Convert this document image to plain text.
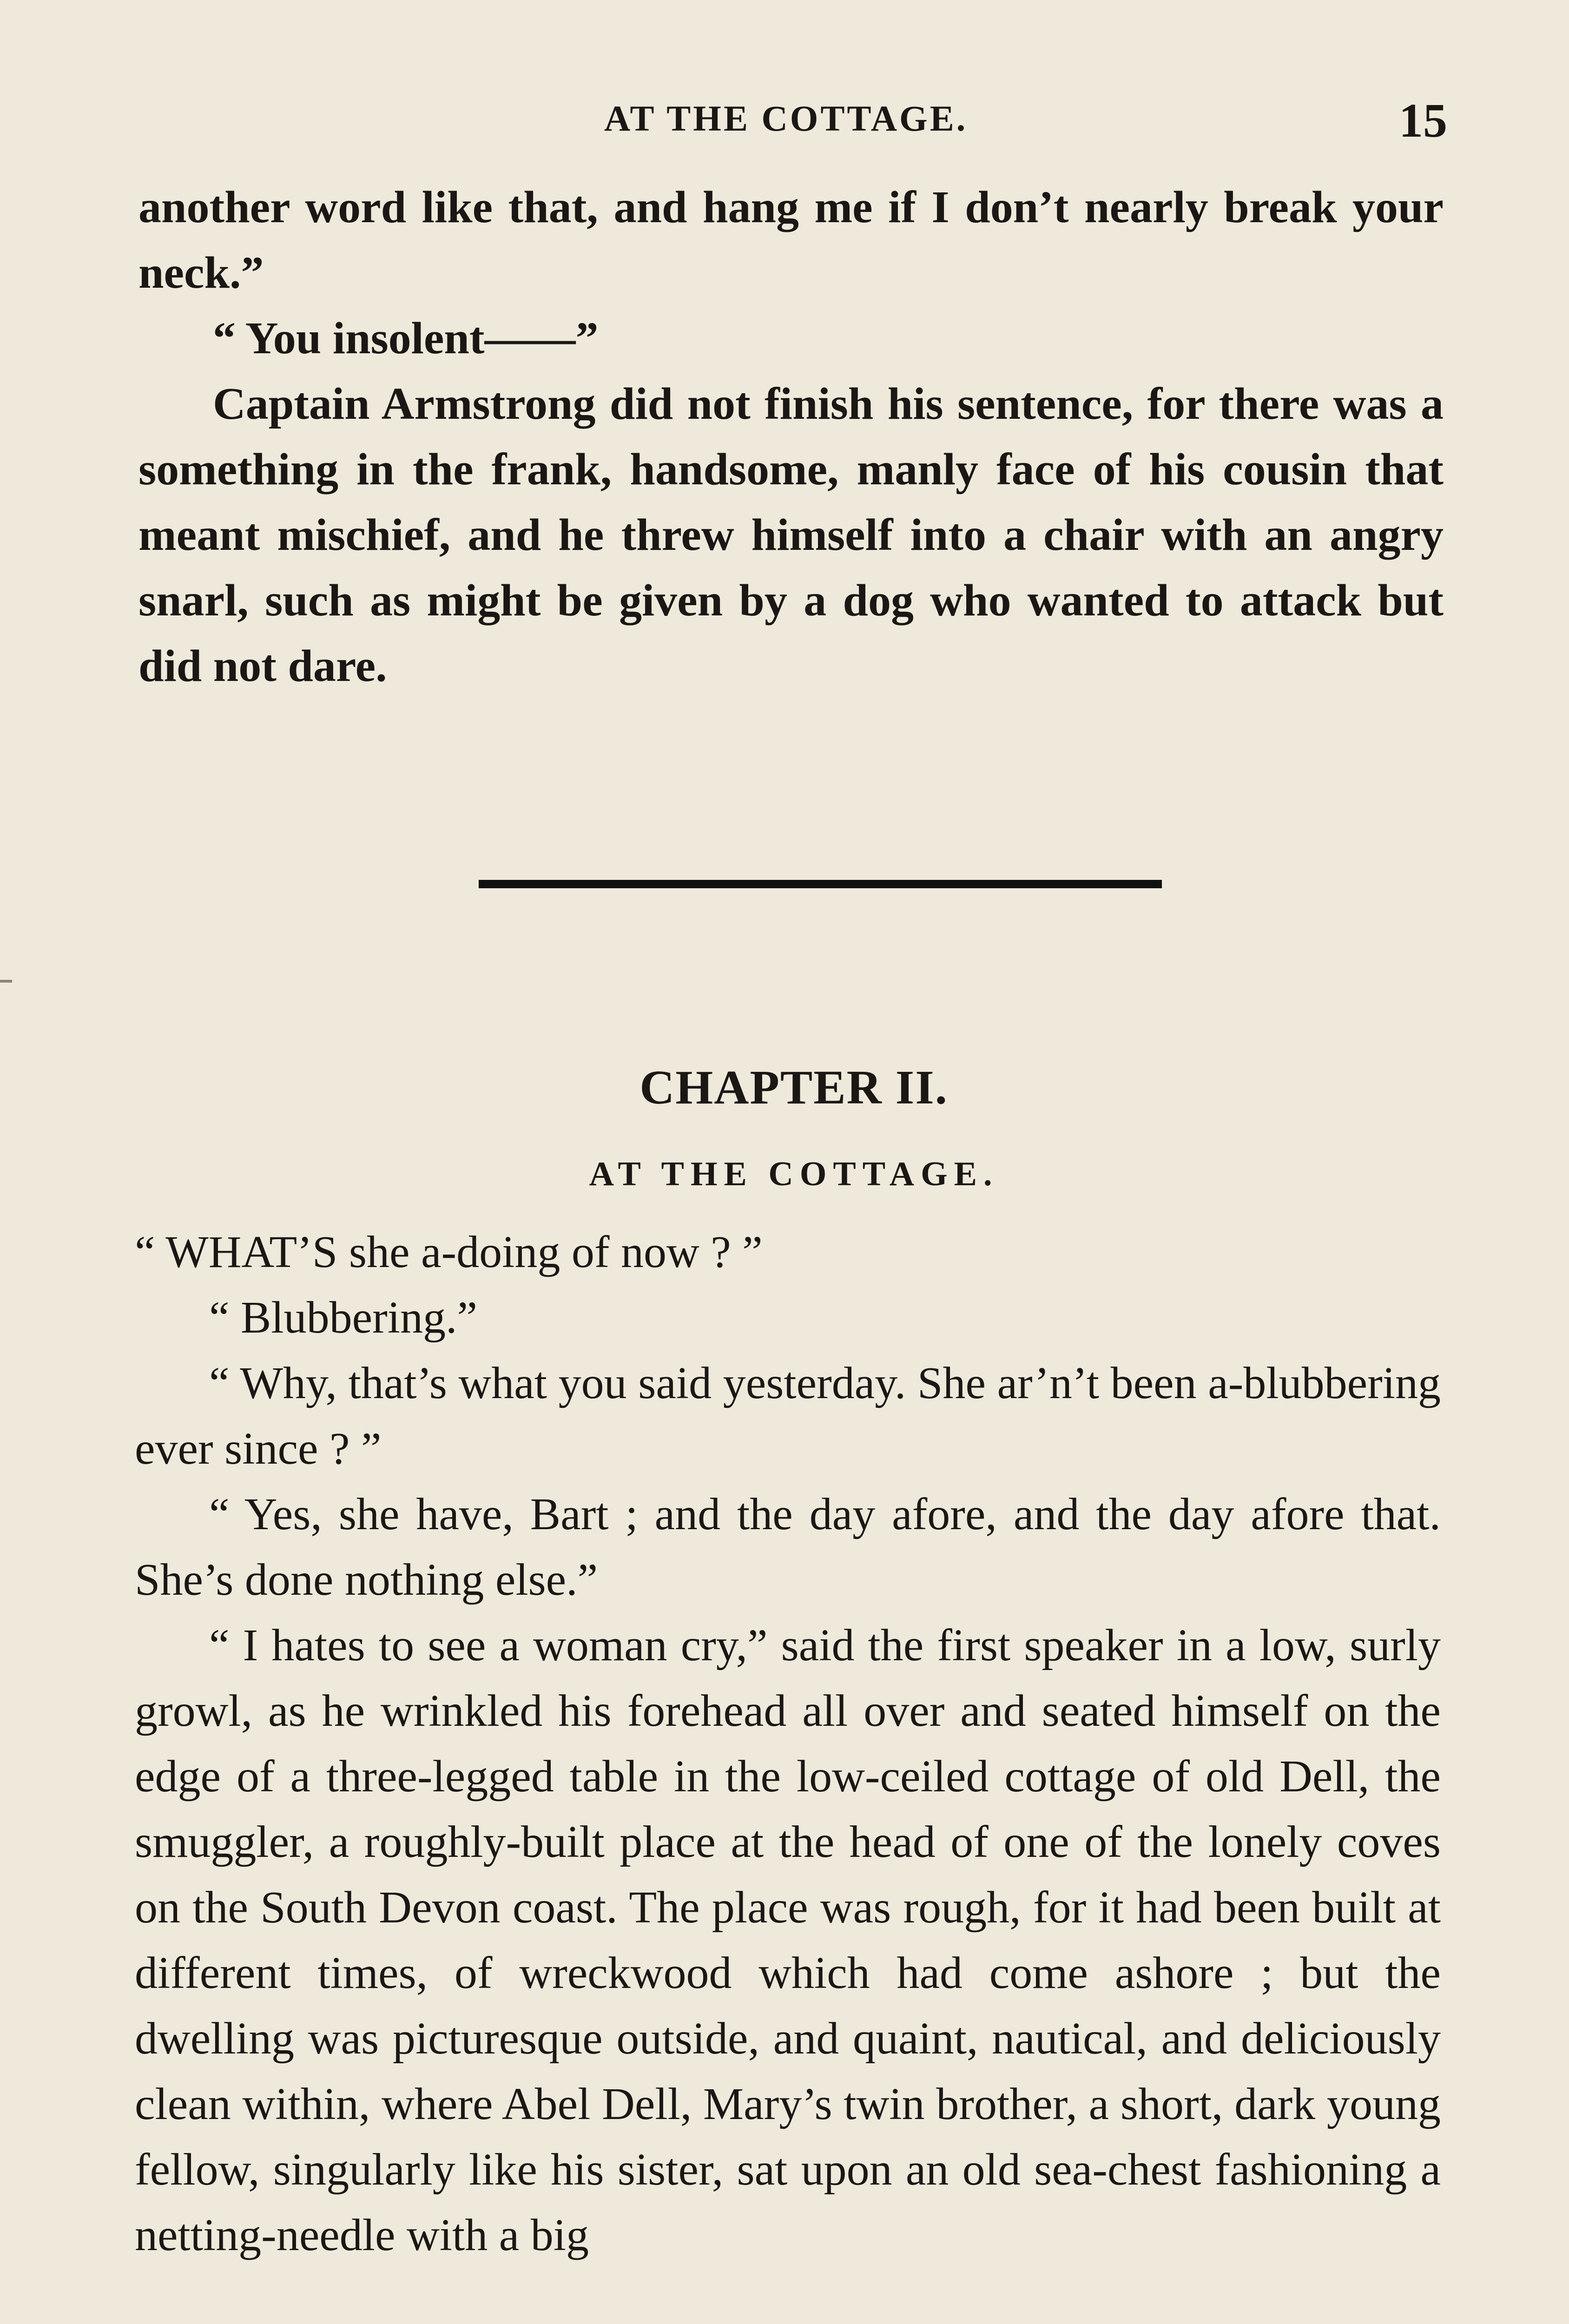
AT THE COTTAGE.	15

another word like that, and hang me if I don’t nearly break your neck.”

“ You insolent——”

Captain Armstrong did not finish his sentence, for there was a something in the frank, handsome, manly face of his cousin that meant mischief, and he threw himself into a chair with an angry snarl, such as might be given by a dog who wanted to attack but did not dare.

CHAPTER II.
AT THE COTTAGE.

“ WHAT’S she a-doing of now ? ”

“ Blubbering.”

“ Why, that’s what you said yesterday. She ar’n’t been a-blubbering ever since ? ”

“ Yes, she have, Bart ; and the day afore, and the day afore that. She’s done nothing else.”

“ I hates to see a woman cry,” said the first speaker in a low, surly growl, as he wrinkled his forehead all over and seated himself on the edge of a three-legged table in the low-ceiled cottage of old Dell, the smuggler, a roughly-built place at the head of one of the lonely coves on the South Devon coast. The place was rough, for it had been built at different times, of wreckwood which had come ashore ; but the dwelling was picturesque outside, and quaint, nautical, and deliciously clean within, where Abel Dell, Mary’s twin brother, a short, dark young fellow, singularly like his sister, sat upon an old sea-chest fashioning a netting-needle with a big
